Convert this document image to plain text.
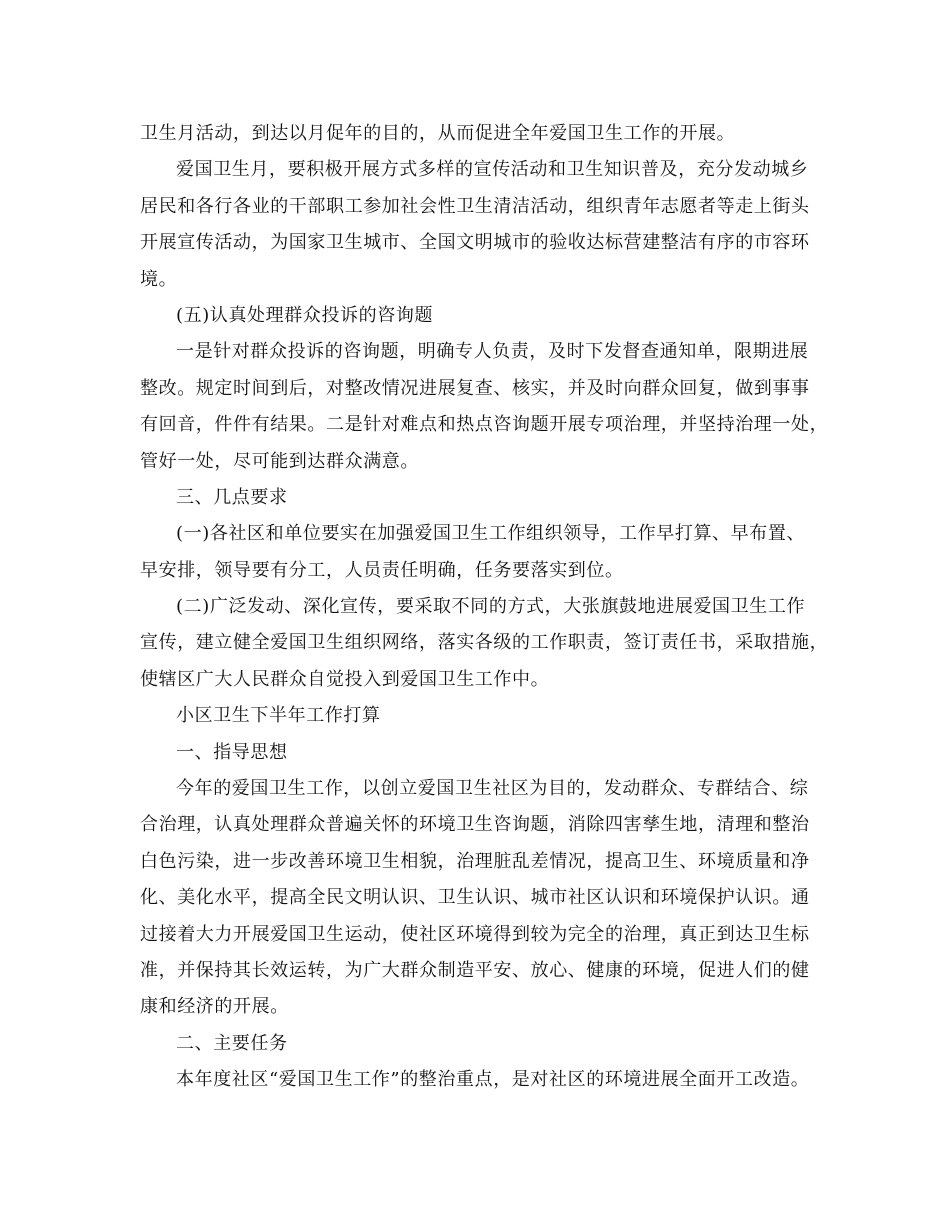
卫生月活动，到达以月促年的目的，从而促进全年爱国卫生工作的开展。
爱国卫生月，要积极开展方式多样的宣传活动和卫生知识普及，充分发动城乡
居民和各行各业的干部职工参加社会性卫生清洁活动，组织青年志愿者等走上街头
开展宣传活动，为国家卫生城市、全国文明城市的验收达标营建整洁有序的市容环
境。
(五)认真处理群众投诉的咨询题
一是针对群众投诉的咨询题，明确专人负责，及时下发督查通知单，限期进展
整改。规定时间到后，对整改情况进展复查、核实，并及时向群众回复，做到事事
有回音，件件有结果。二是针对难点和热点咨询题开展专项治理，并坚持治理一处，
管好一处，尽可能到达群众满意。
三、几点要求
(一)各社区和单位要实在加强爱国卫生工作组织领导，工作早打算、早布置、
早安排，领导要有分工，人员责任明确，任务要落实到位。
(二)广泛发动、深化宣传，要采取不同的方式，大张旗鼓地进展爱国卫生工作
宣传，建立健全爱国卫生组织网络，落实各级的工作职责，签订责任书，采取措施，
使辖区广大人民群众自觉投入到爱国卫生工作中。
小区卫生下半年工作打算
一、指导思想
今年的爱国卫生工作，以创立爱国卫生社区为目的，发动群众、专群结合、综
合治理，认真处理群众普遍关怀的环境卫生咨询题，消除四害孳生地，清理和整治
白色污染，进一步改善环境卫生相貌，治理脏乱差情况，提高卫生、环境质量和净
化、美化水平，提高全民文明认识、卫生认识、城市社区认识和环境保护认识。通
过接着大力开展爱国卫生运动，使社区环境得到较为完全的治理，真正到达卫生标
准，并保持其长效运转，为广大群众制造平安、放心、健康的环境，促进人们的健
康和经济的开展。
二、主要任务
本年度社区“爱国卫生工作”的整治重点，是对社区的环境进展全面开工改造。
